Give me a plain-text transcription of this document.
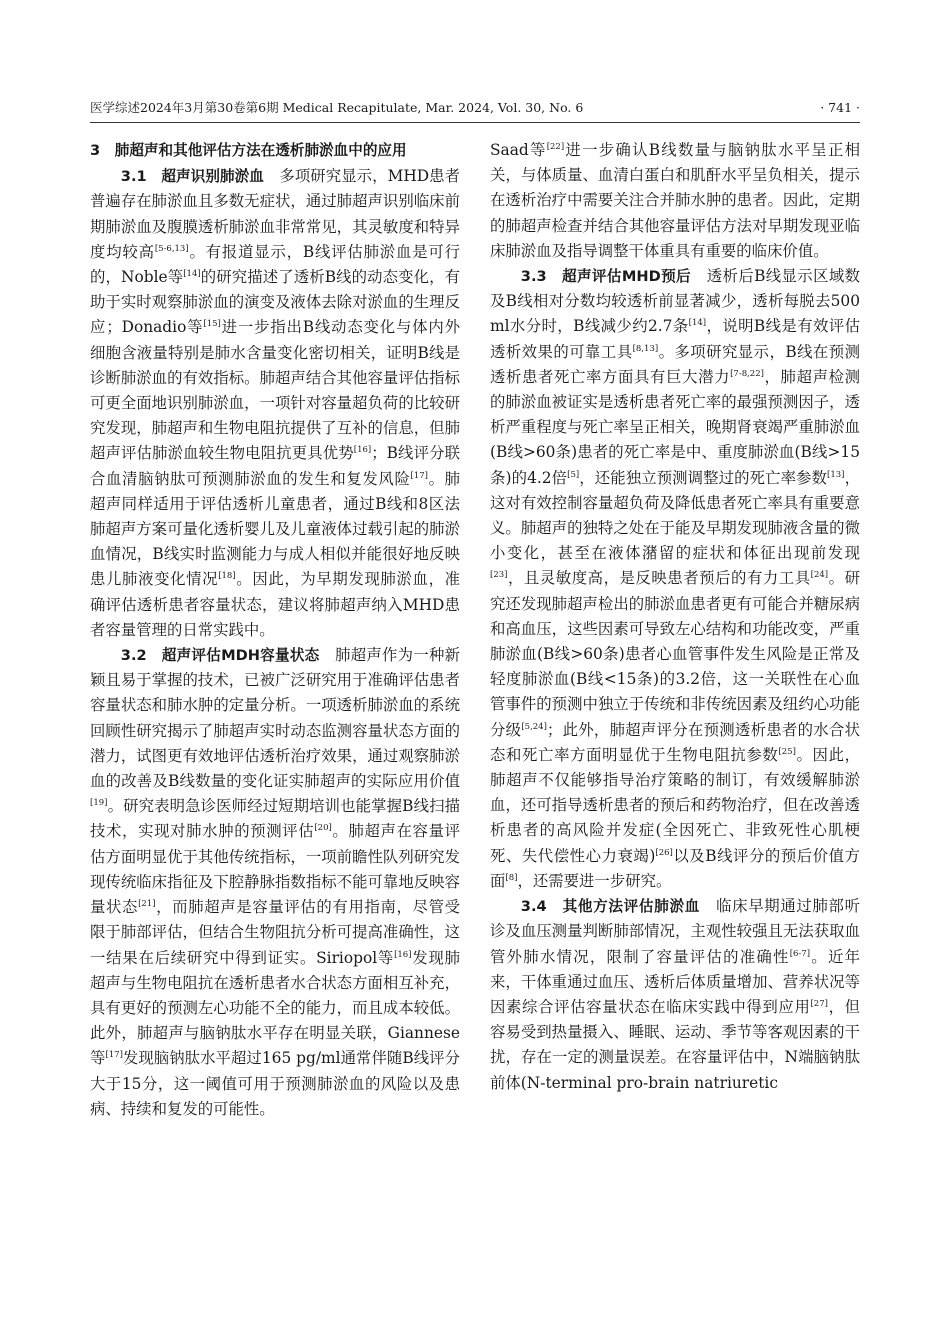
医学综述2024年3月第30卷第6期 Medical Recapitulate, Mar. 2024, Vol. 30, No. 6	· 741 ·
3　肺超声和其他评估方法在透析肺淤血中的应用

3.1　超声识别肺淤血　多项研究显示，MHD患者普遍存在肺淤血且多数无症状，通过肺超声识别临床前期肺淤血及腹膜透析肺淤血非常常见，其灵敏度和特异度均较高[5-6,13]。有报道显示，B线评估肺淤血是可行的，Noble等[14]的研究描述了透析B线的动态变化，有助于实时观察肺淤血的演变及液体去除对淤血的生理反应；Donadio等[15]进一步指出B线动态变化与体内外细胞含液量特别是肺水含量变化密切相关，证明B线是诊断肺淤血的有效指标。肺超声结合其他容量评估指标可更全面地识别肺淤血，一项针对容量超负荷的比较研究发现，肺超声和生物电阻抗提供了互补的信息，但肺超声评估肺淤血较生物电阻抗更具优势[16]；B线评分联合血清脑钠肽可预测肺淤血的发生和复发风险[17]。肺超声同样适用于评估透析儿童患者，通过B线和8区法肺超声方案可量化透析婴儿及儿童液体过载引起的肺淤血情况，B线实时监测能力与成人相似并能很好地反映患儿肺液变化情况[18]。因此，为早期发现肺淤血，准确评估透析患者容量状态，建议将肺超声纳入MHD患者容量管理的日常实践中。

3.2　超声评估MDH容量状态　肺超声作为一种新颖且易于掌握的技术，已被广泛研究用于准确评估患者容量状态和肺水肿的定量分析。一项透析肺淤血的系统回顾性研究揭示了肺超声实时动态监测容量状态方面的潜力，试图更有效地评估透析治疗效果，通过观察肺淤血的改善及B线数量的变化证实肺超声的实际应用价值[19]。研究表明急诊医师经过短期培训也能掌握B线扫描技术，实现对肺水肿的预测评估[20]。肺超声在容量评估方面明显优于其他传统指标，一项前瞻性队列研究发现传统临床指征及下腔静脉指数指标不能可靠地反映容量状态[21]，而肺超声是容量评估的有用指南，尽管受限于肺部评估，但结合生物阻抗分析可提高准确性，这一结果在后续研究中得到证实。Siriopol等[16]发现肺超声与生物电阻抗在透析患者水合状态方面相互补充，具有更好的预测左心功能不全的能力，而且成本较低。此外，肺超声与脑钠肽水平存在明显关联，Giannese等[17]发现脑钠肽水平超过165 pg/ml通常伴随B线评分大于15分，这一阈值可用于预测肺淤血的风险以及患病、持续和复发的可能性。

Saad等[22]进一步确认B线数量与脑钠肽水平呈正相关，与体质量、血清白蛋白和肌酐水平呈负相关，提示在透析治疗中需要关注合并肺水肿的患者。因此，定期的肺超声检查并结合其他容量评估方法对早期发现亚临床肺淤血及指导调整干体重具有重要的临床价值。

3.3　超声评估MHD预后　透析后B线显示区域数及B线相对分数均较透析前显著减少，透析每脱去500 ml水分时，B线减少约2.7条[14]，说明B线是有效评估透析效果的可靠工具[8,13]。多项研究显示，B线在预测透析患者死亡率方面具有巨大潜力[7-8,22]，肺超声检测的肺淤血被证实是透析患者死亡率的最强预测因子，透析严重程度与死亡率呈正相关，晚期肾衰竭严重肺淤血(B线>60条)患者的死亡率是中、重度肺淤血(B线>15条)的4.2倍[5]，还能独立预测调整过的死亡率参数[13]，这对有效控制容量超负荷及降低患者死亡率具有重要意义。肺超声的独特之处在于能及早期发现肺液含量的微小变化，甚至在液体潴留的症状和体征出现前发现[23]，且灵敏度高，是反映患者预后的有力工具[24]。研究还发现肺超声检出的肺淤血患者更有可能合并糖尿病和高血压，这些因素可导致左心结构和功能改变，严重肺淤血(B线>60条)患者心血管事件发生风险是正常及轻度肺淤血(B线<15条)的3.2倍，这一关联性在心血管事件的预测中独立于传统和非传统因素及纽约心功能分级[5,24]；此外，肺超声评分在预测透析患者的水合状态和死亡率方面明显优于生物电阻抗参数[25]。因此，肺超声不仅能够指导治疗策略的制订，有效缓解肺淤血，还可指导透析患者的预后和药物治疗，但在改善透析患者的高风险并发症(全因死亡、非致死性心肌梗死、失代偿性心力衰竭)[26]以及B线评分的预后价值方面[8]，还需要进一步研究。

3.4　其他方法评估肺淤血　临床早期通过肺部听诊及血压测量判断肺部情况，主观性较强且无法获取血管外肺水情况，限制了容量评估的准确性[6-7]。近年来，干体重通过血压、透析后体质量增加、营养状况等因素综合评估容量状态在临床实践中得到应用[27]，但容易受到热量摄入、睡眠、运动、季节等客观因素的干扰，存在一定的测量误差。在容量评估中，N端脑钠肽前体(N-terminal pro-brain natriuretic
